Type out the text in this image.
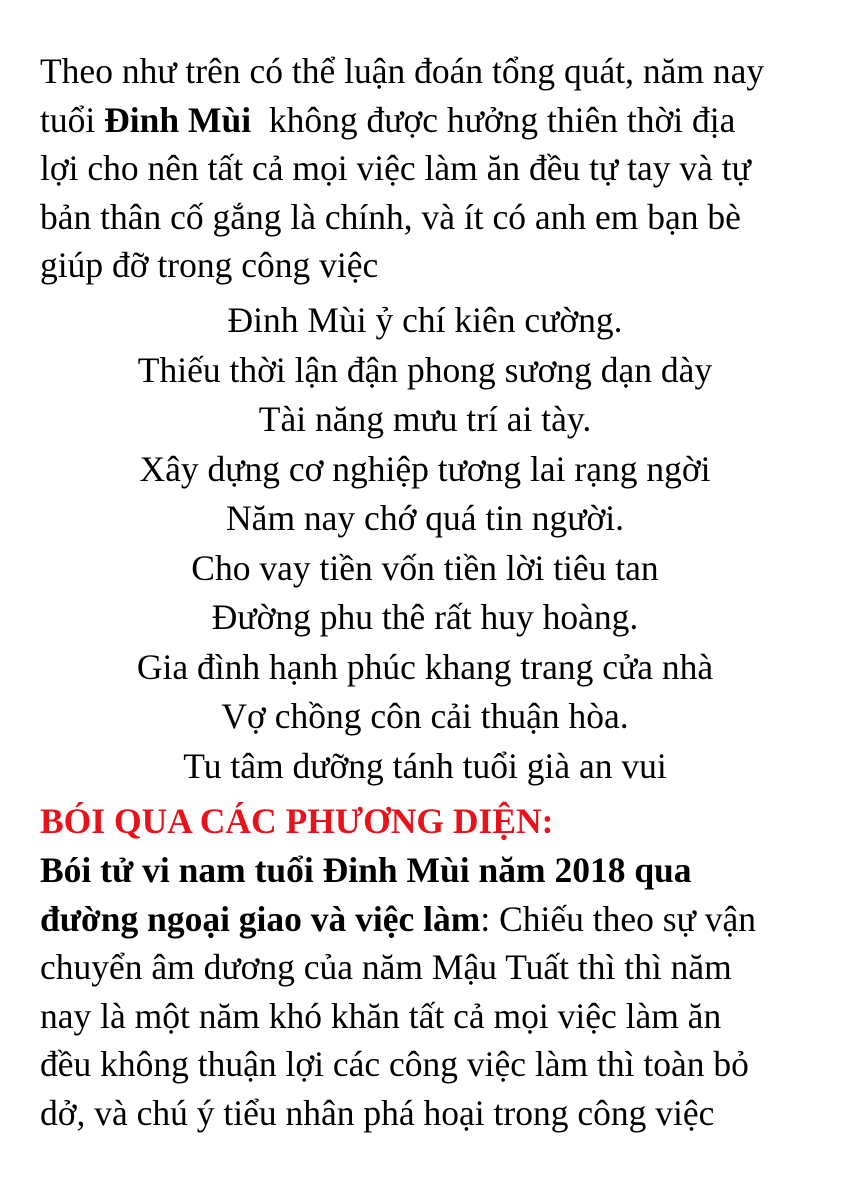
Theo như trên có thể luận đoán tổng quát, năm nay
tuổi Đinh Mùi  không được hưởng thiên thời địa
lợi cho nên tất cả mọi việc làm ăn đều tự tay và tự
bản thân cố gắng là chính, và ít có anh em bạn bè
giúp đỡ trong công việc
Đinh Mùi ỷ chí kiên cường.
Thiếu thời lận đận phong sương dạn dày
Tài năng mưu trí ai tày.
Xây dựng cơ nghiệp tương lai rạng ngời
Năm nay chớ quá tin người.
Cho vay tiền vốn tiền lời tiêu tan
Đường phu thê rất huy hoàng.
Gia đình hạnh phúc khang trang cửa nhà
Vợ chồng côn cải thuận hòa.
Tu tâm dưỡng tánh tuổi già an vui
BÓI QUA CÁC PHƯƠNG DIỆN:
Bói tử vi nam tuổi Đinh Mùi năm 2018 qua
đường ngoại giao và việc làm: Chiếu theo sự vận
chuyển âm dương của năm Mậu Tuất thì thì năm
nay là một năm khó khăn tất cả mọi việc làm ăn
đều không thuận lợi các công việc làm thì toàn bỏ
dở, và chú ý tiểu nhân phá hoại trong công việc
